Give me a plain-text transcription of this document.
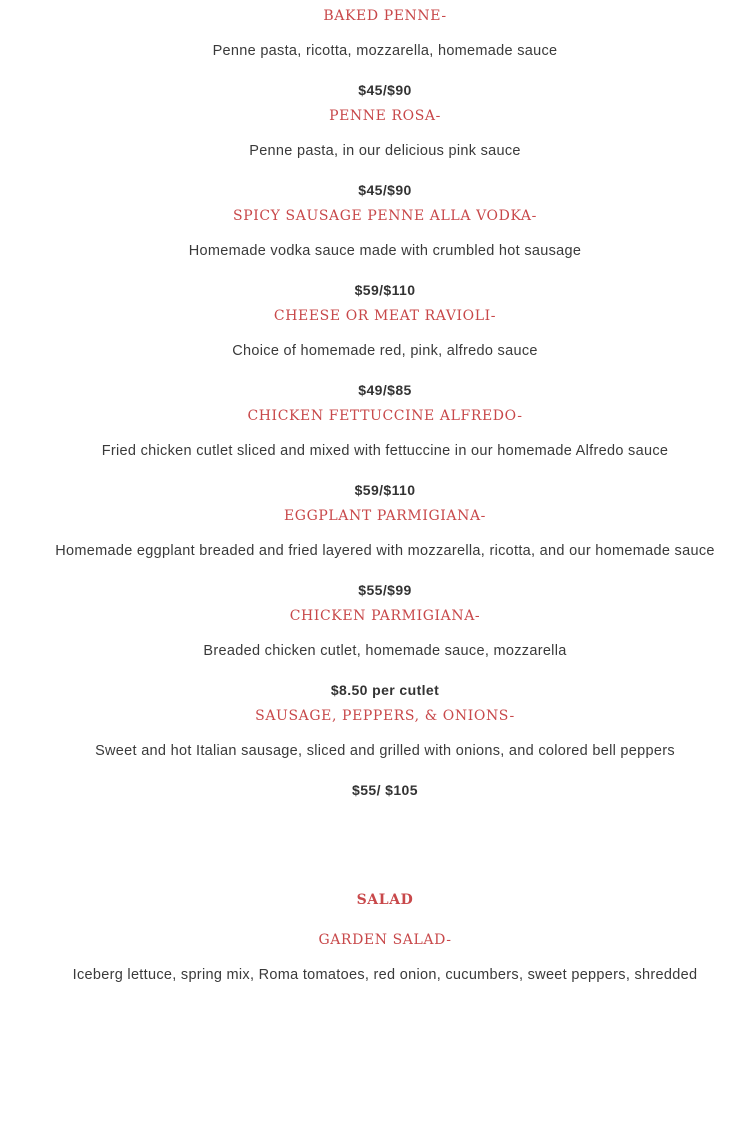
BAKED PENNE-
Penne pasta, ricotta, mozzarella, homemade sauce
$45/$90
PENNE ROSA-
Penne pasta, in our delicious pink sauce
$45/$90
SPICY SAUSAGE PENNE ALLA VODKA-
Homemade vodka sauce made with crumbled hot sausage
$59/$110
CHEESE OR MEAT RAVIOLI-
Choice of homemade red, pink, alfredo sauce
$49/$85
CHICKEN FETTUCCINE ALFREDO-
Fried chicken cutlet sliced and mixed with fettuccine in our homemade Alfredo sauce
$59/$110
EGGPLANT PARMIGIANA-
Homemade eggplant breaded and fried layered with mozzarella, ricotta, and our homemade sauce
$55/$99
CHICKEN PARMIGIANA-
Breaded chicken cutlet, homemade sauce, mozzarella
$8.50 per cutlet
SAUSAGE, PEPPERS, & ONIONS-
Sweet and hot Italian sausage, sliced and grilled with onions, and colored bell peppers
$55/ $105
SALAD
GARDEN SALAD-
Iceberg lettuce, spring mix, Roma tomatoes, red onion, cucumbers, sweet peppers, shredded
